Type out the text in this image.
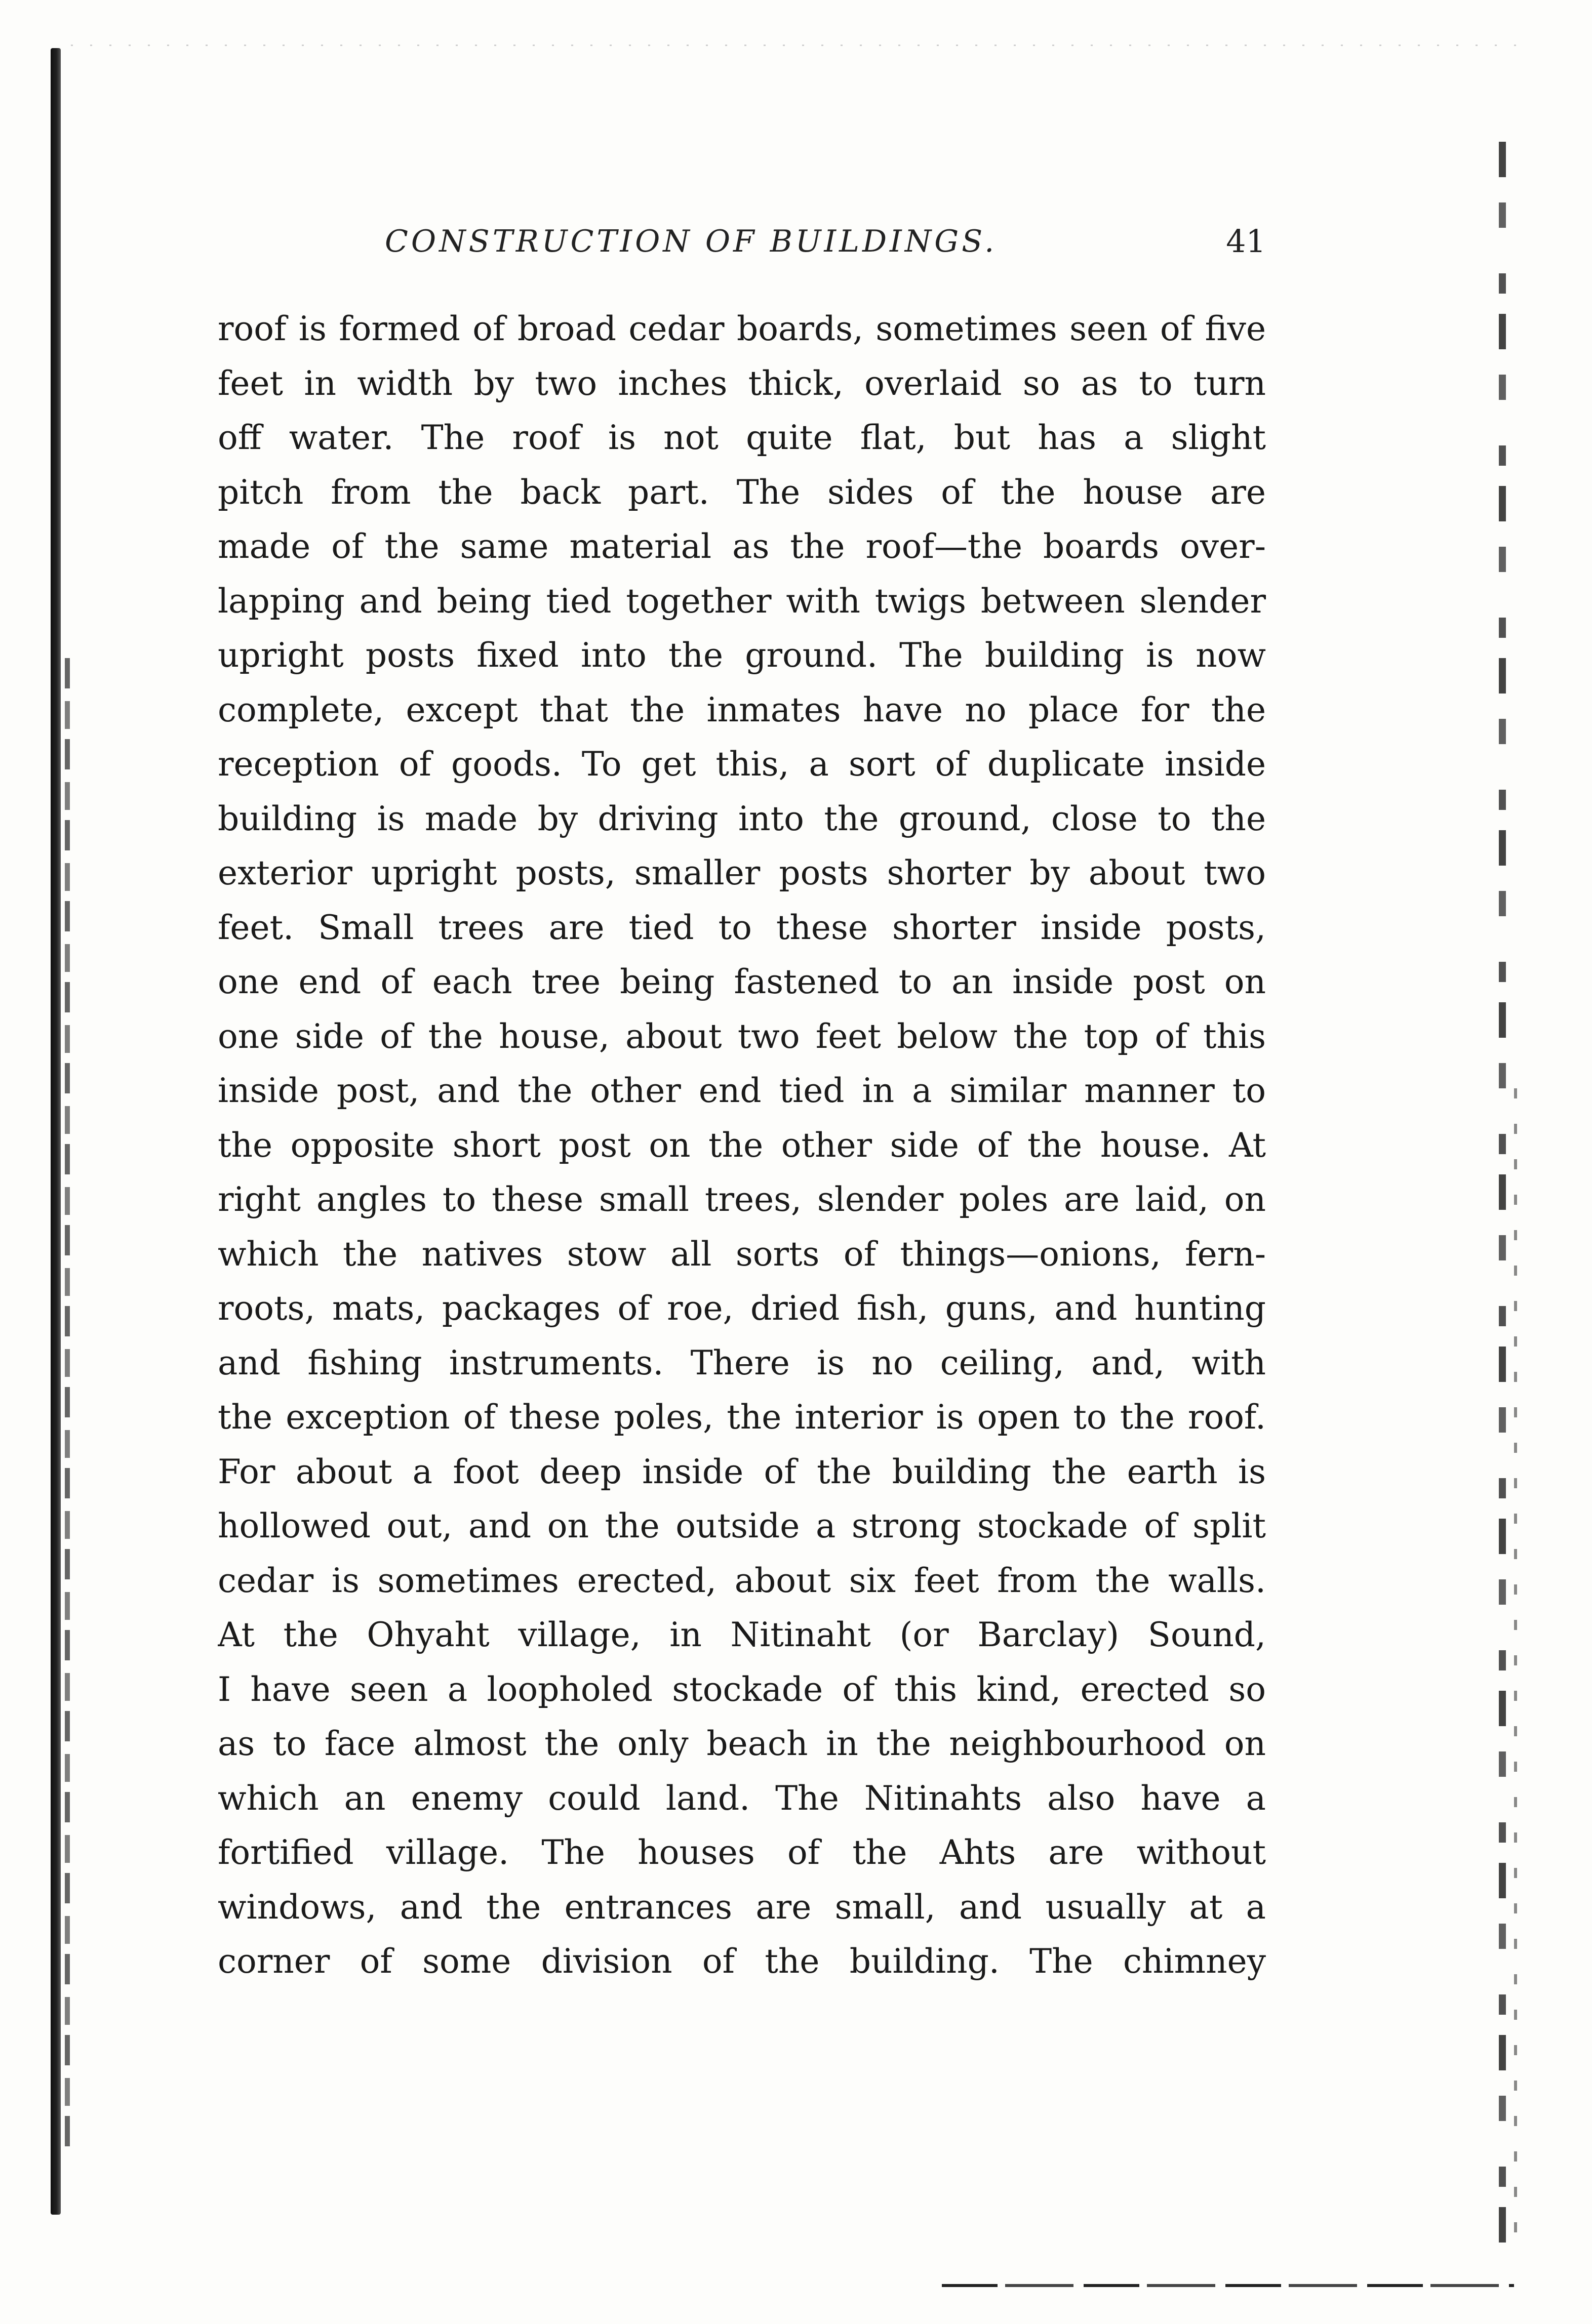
CONSTRUCTION OF BUILDINGS.	41
roof is formed of broad cedar boards, sometimes seen of five
feet in width by two inches thick, overlaid so as to turn
off water. The roof is not quite flat, but has a slight
pitch from the back part. The sides of the house are
made of the same material as the roof—the boards over-
lapping and being tied together with twigs between slender
upright posts fixed into the ground. The building is now
complete, except that the inmates have no place for the
reception of goods. To get this, a sort of duplicate inside
building is made by driving into the ground, close to the
exterior upright posts, smaller posts shorter by about two
feet. Small trees are tied to these shorter inside posts,
one end of each tree being fastened to an inside post on
one side of the house, about two feet below the top of this
inside post, and the other end tied in a similar manner to
the opposite short post on the other side of the house. At
right angles to these small trees, slender poles are laid, on
which the natives stow all sorts of things—onions, fern-
roots, mats, packages of roe, dried fish, guns, and hunting
and fishing instruments. There is no ceiling, and, with
the exception of these poles, the interior is open to the roof.
For about a foot deep inside of the building the earth is
hollowed out, and on the outside a strong stockade of split
cedar is sometimes erected, about six feet from the walls.
At the Ohyaht village, in Nitinaht (or Barclay) Sound,
I have seen a loopholed stockade of this kind, erected so
as to face almost the only beach in the neighbourhood on
which an enemy could land. The Nitinahts also have a
fortified village. The houses of the Ahts are without
windows, and the entrances are small, and usually at a
corner of some division of the building. The chimney
